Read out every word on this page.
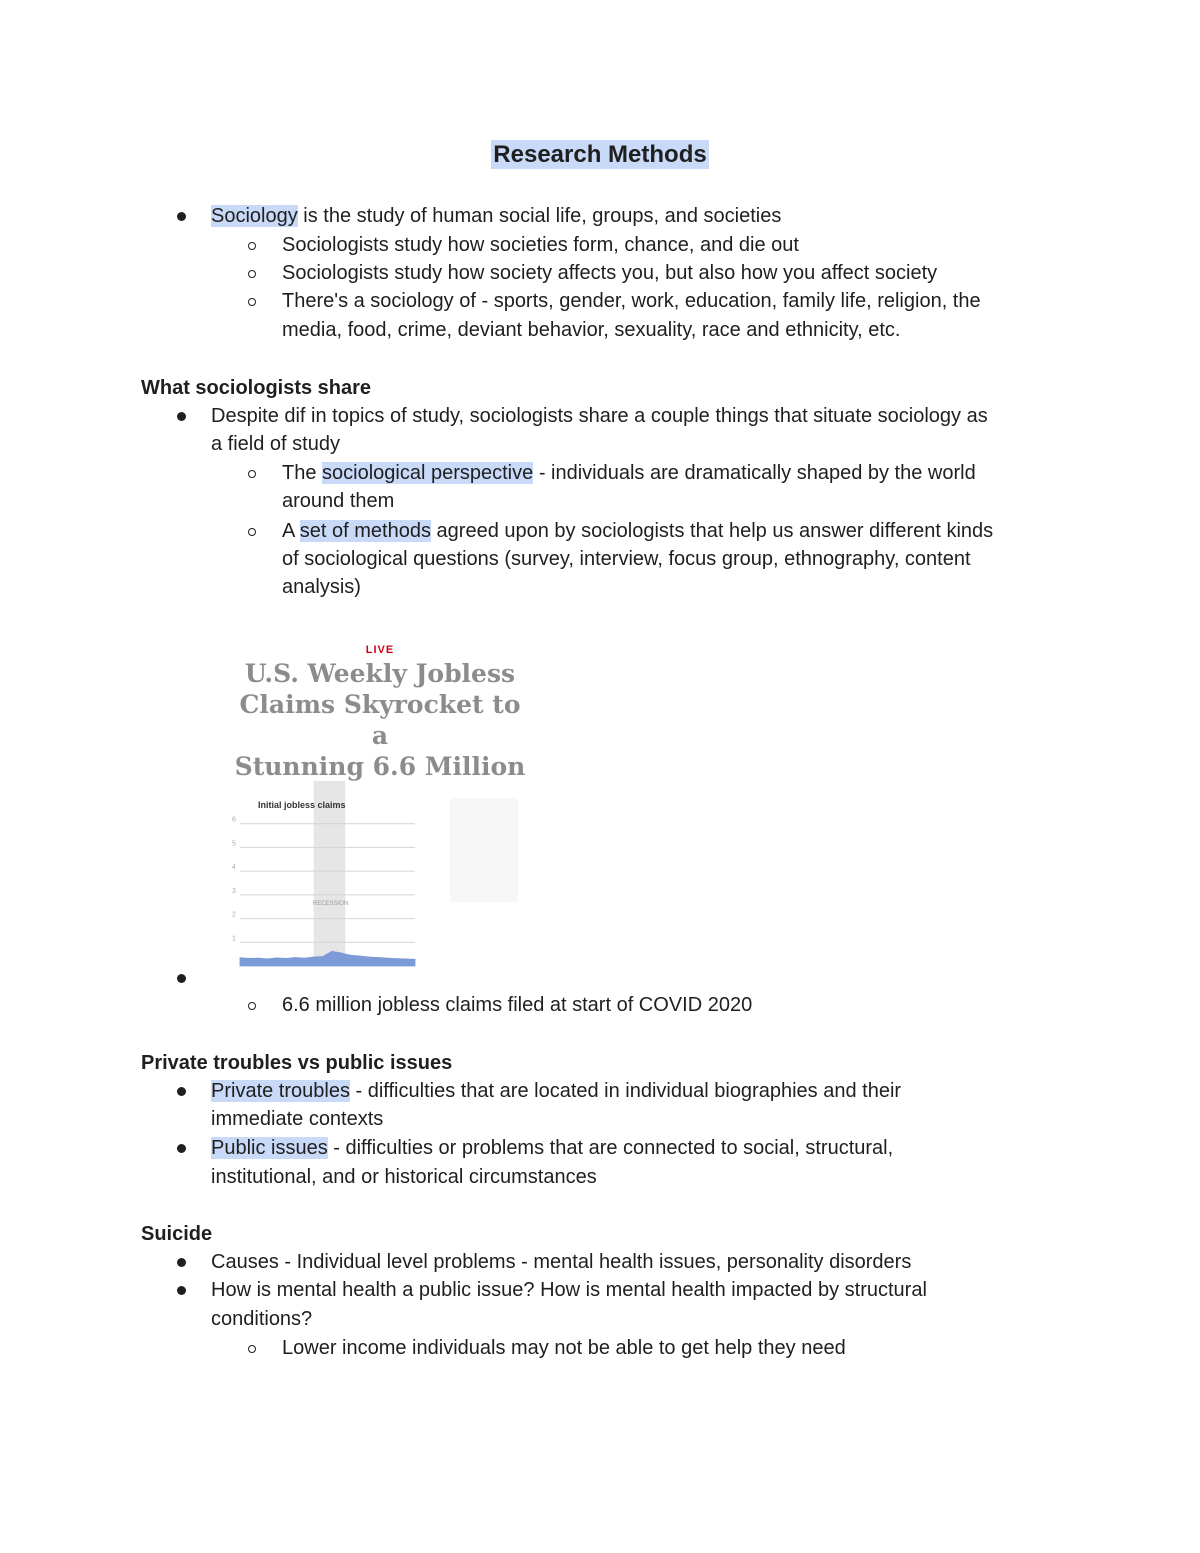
Research Methods
Sociology is the study of human social life, groups, and societies
Sociologists study how societies form, chance, and die out
Sociologists study how society affects you, but also how you affect society
There's a sociology of - sports, gender, work, education, family life, religion, the
media, food, crime, deviant behavior, sexuality, race and ethnicity, etc.
What sociologists share
Despite dif in topics of study, sociologists share a couple things that situate sociology as
a field of study
The sociological perspective - individuals are dramatically shaped by the world
around them
A set of methods agreed upon by sociologists that help us answer different kinds
of sociological questions (survey, interview, focus group, ethnography, content
analysis)
LIVE
U.S. Weekly Jobless
Claims Skyrocket to a
Stunning 6.6 Million
1
2
3
4
5
6
Initial jobless claims
RECESSION
6.6 million jobless claims filed at start of COVID 2020
Private troubles vs public issues
Private troubles - difficulties that are located in individual biographies and their
immediate contexts
Public issues - difficulties or problems that are connected to social, structural,
institutional, and or historical circumstances
Suicide
Causes - Individual level problems - mental health issues, personality disorders
How is mental health a public issue? How is mental health impacted by structural
conditions?
Lower income individuals may not be able to get help they need
